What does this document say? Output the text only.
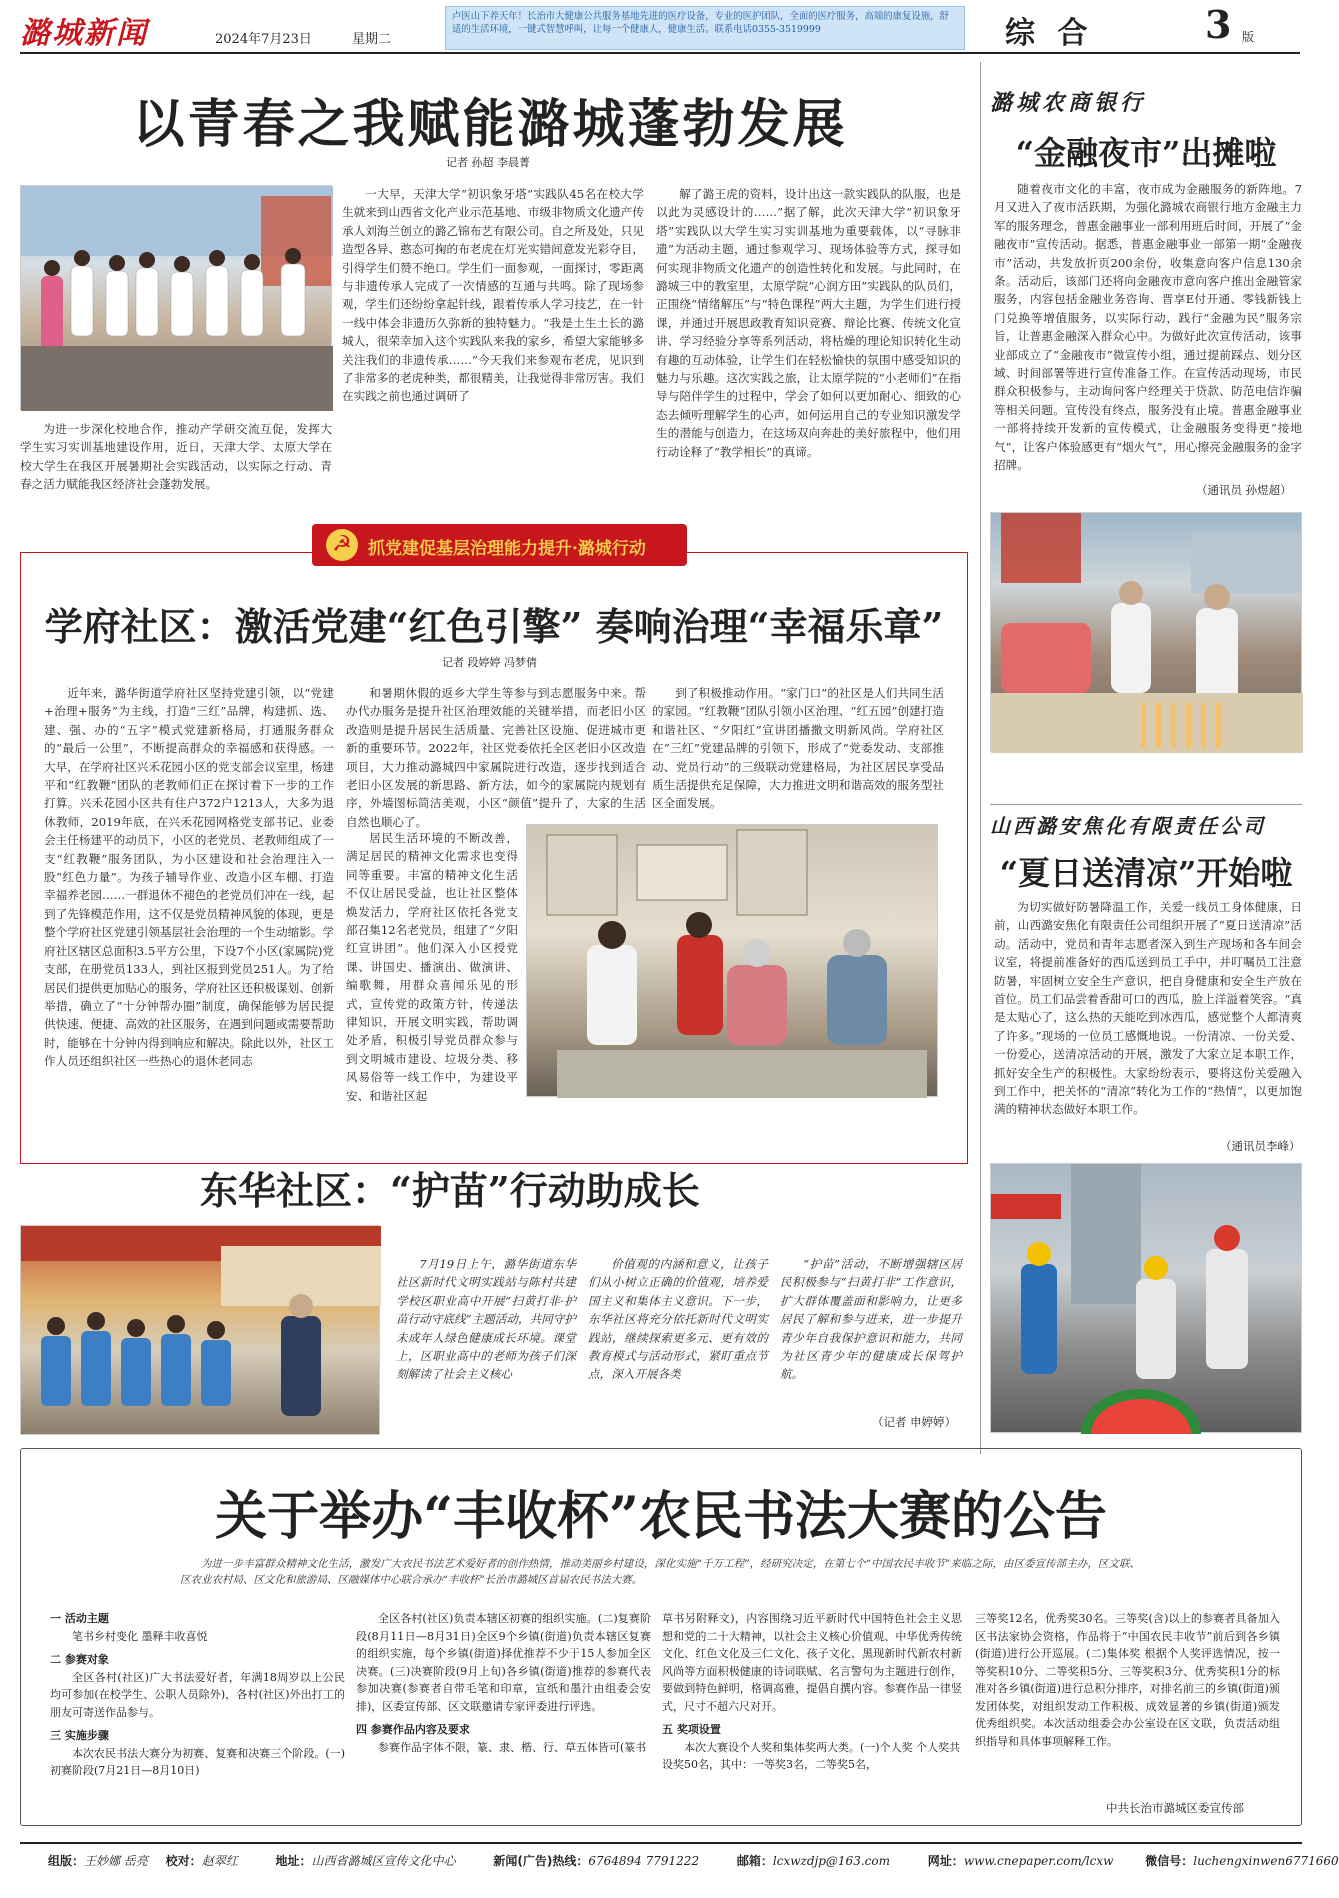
潞城新闻	2024年7月23日	星期二
卢医山下养天年！长治市大健康公共服务基地先进的医疗设备，专业的医护团队，全面的医疗服务，高端的康复设施，舒适的生活环境，一键式智慧呼叫，让每一个健康人，健康生活。联系电话0355-3519999	综 合	3 版
以青春之我赋能潞城蓬勃发展
记者 孙超 李晨菁

为进一步深化校地合作，推动产学研交流互促，发挥大学生实习实训基地建设作用，近日，天津大学、太原大学在校大学生在我区开展暑期社会实践活动，以实际之行动、青春之活力赋能我区经济社会蓬勃发展。

一大早，天津大学“初识象牙塔”实践队45名在校大学生就来到山西省文化产业示范基地、市级非物质文化遗产传承人刘海兰创立的潞乙锦布艺有限公司。自之所及处，只见造型各异、憨态可掬的布老虎在灯光实错间意发光彩夺目，引得学生们赞不绝口。学生们一面参观，一面探讨，零距离与非遗传承人完成了一次情感的互通与共鸣。除了现场参观，学生们还纷纷拿起针线，跟着传承人学习技艺，在一针一线中体会非遗历久弥新的独特魅力。“我是土生土长的潞城人，很荣幸加入这个实践队来我的家乡，希望大家能够多关注我们的非遗传承……”今天我们来参观布老虎，见识到了非常多的老虎种类，都很精美，让我觉得非常厉害。我们在实践之前也通过调研了

解了潞王虎的资料，设计出这一款实践队的队服，也是以此为灵感设计的……”据了解，此次天津大学“初识象牙塔”实践队以大学生实习实训基地为重要载体，以“寻脉非遗”为活动主题，通过参观学习、现场体验等方式，探寻如何实现非物质文化遗产的创造性转化和发展。与此同时，在潞城三中的教室里，太原学院“心润方田”实践队的队员们，正围绕“情绪解压”与“特色课程”两大主题，为学生们进行授课，并通过开展思政教育知识竞赛、辩论比赛、传统文化宣讲、学习经验分享等系列活动，将枯燥的理论知识转化生动有趣的互动体验，让学生们在轻松愉快的氛围中感受知识的魅力与乐趣。这次实践之旅，让太原学院的“小老师们”在指导与陪伴学生的过程中，学会了如何以更加耐心、细致的心态去倾听理解学生的心声，如何运用自己的专业知识激发学生的潜能与创造力，在这场双向奔赴的美好旅程中，他们用行动诠释了“教学相长”的真谛。

潞城农商银行
“金融夜市”出摊啦

随着夜市文化的丰富，夜市成为金融服务的新阵地。7月又进入了夜市活跃期，为强化潞城农商银行地方金融主力军的服务理念，普惠金融事业一部利用班后时间，开展了“金融夜市”宣传活动。据悉，普惠金融事业一部第一期“金融夜市”活动，共发放折页200余份，收集意向客户信息130余条。活动后，该部门还将向金融夜市意向客户推出金融管家服务，内容包括金融业务咨询、晋享E付开通、零钱新钱上门兑换等增值服务，以实际行动，践行“金融为民”服务宗旨，让普惠金融深入群众心中。为做好此次宣传活动，该事业部成立了“金融夜市”微宣传小组，通过提前踩点、划分区域、时间部署等进行宣传准备工作。在宣传活动现场，市民群众积极参与，主动询问客户经理关于贷款、防范电信诈骗等相关问题。宣传没有终点，服务没有止境。普惠金融事业一部将持续开发新的宣传模式，让金融服务变得更“接地气”，让客户体验感更有“烟火气”，用心擦亮金融服务的金字招牌。

（通讯员 孙煜超）
山西潞安焦化有限责任公司
“夏日送清凉”开始啦

为切实做好防暑降温工作，关爱一线员工身体健康，日前，山西潞安焦化有限责任公司组织开展了“夏日送清凉”活动。活动中，党员和青年志愿者深入到生产现场和各车间会议室，将提前准备好的西瓜送到员工手中，并叮嘱员工注意防暑，牢固树立安全生产意识，把自身健康和安全生产放在首位。员工们品尝着香甜可口的西瓜，脸上洋溢着笑容。“真是太贴心了，这么热的天能吃到冰西瓜，感觉整个人都清爽了许多。”现场的一位员工感慨地说。一份清凉、一份关爱、一份爱心，送清凉活动的开展，激发了大家立足本职工作，抓好安全生产的积极性。大家纷纷表示，要将这份关爱融入到工作中，把关怀的“清凉”转化为工作的“热情”，以更加饱满的精神状态做好本职工作。

（通讯员李峰）
☭ 抓党建促基层治理能力提升·潞城行动
学府社区：激活党建“红色引擎” 奏响治理“幸福乐章”
记者 段婷婷 冯梦倩

近年来，潞华街道学府社区坚持党建引领，以“党建+治理+服务”为主线，打造“三红”品牌，构建抓、选、建、强、办的“五字”模式党建新格局，打通服务群众的“最后一公里”，不断提高群众的幸福感和获得感。一大早，在学府社区兴禾花园小区的党支部会议室里，杨建平和“红教鞭”团队的老教师们正在探讨着下一步的工作打算。兴禾花园小区共有住户372户1213人，大多为退休教师，2019年底，在兴禾花园网格党支部书记、业委会主任杨建平的动员下，小区的老党员、老教师组成了一支“红教鞭”服务团队，为小区建设和社会治理注入一股“红色力量”。为孩子辅导作业、改造小区车棚、打造幸福养老园……一群退休不褪色的老党员们冲在一线，起到了先锋模范作用，这不仅是党员精神风貌的体现，更是整个学府社区党建引领基层社会治理的一个生动缩影。学府社区辖区总面积3.5平方公里，下设7个小区(家属院)党支部，在册党员133人，到社区报到党员251人。为了给居民们提供更加贴心的服务，学府社区还积极谋划、创新举措，确立了“十分钟帮办圈”制度，确保能够为居民提供快速、便捷、高效的社区服务，在遇到问题或需要帮助时，能够在十分钟内得到响应和解决。除此以外，社区工作人员还组织社区一些热心的退休老同志

和暑期休假的返乡大学生等参与到志愿服务中来。帮办代办服务是提升社区治理效能的关键举措，而老旧小区改造则是提升居民生活质量、完善社区设施、促进城市更新的重要环节。2022年，社区党委依托全区老旧小区改造项目，大力推动潞城四中家属院进行改造，逐步找到适合老旧小区发展的新思路、新方法，如今的家属院内规划有序，外墙图标简洁美观，小区“颜值”提升了，大家的生活自然也顺心了。

居民生活环境的不断改善，满足居民的精神文化需求也变得同等重要。丰富的精神文化生活不仅让居民受益，也让社区整体焕发活力，学府社区依托各党支部召集12名老党员，组建了“夕阳红宣讲团”。他们深入小区授党课、讲国史、播演出、做演讲、编歌舞，用群众喜闻乐见的形式，宣传党的政策方针，传递法律知识，开展文明实践，帮助调处矛盾，积极引导党员群众参与到文明城市建设、垃圾分类、移风易俗等一线工作中，为建设平安、和谐社区起

到了积极推动作用。“家门口”的社区是人们共同生活的家园。“红教鞭”团队引领小区治理、“红五园”创建打造和谐社区、“夕阳红”宣讲团播撒文明新风尚。学府社区在“三红”党建品牌的引领下，形成了“党委发动、支部推动、党员行动”的三级联动党建格局，为社区居民享受品质生活提供充足保障，大力推进文明和谐高效的服务型社区全面发展。

东华社区：“护苗”行动助成长

7月19日上午，潞华街道东华社区新时代文明实践站与陈村共建学校区职业高中开展“扫黄打非·护苗行动守底线”主题活动，共同守护未成年人绿色健康成长环境。课堂上，区职业高中的老师为孩子们深刻解读了社会主义核心

价值观的内涵和意义，让孩子们从小树立正确的价值观，培养爱国主义和集体主义意识。下一步，东华社区将充分依托新时代文明实践站，继续探索更多元、更有效的教育模式与活动形式，紧盯重点节点，深入开展各类

“护苗”活动，不断增强辖区居民积极参与“扫黄打非”工作意识，扩大群体覆盖面和影响力，让更多居民了解和参与进来，进一步提升青少年自我保护意识和能力，共同为社区青少年的健康成长保驾护航。

（记者 申婷婷）
关于举办“丰收杯”农民书法大赛的公告
为进一步丰富群众精神文化生活，激发广大农民书法艺术爱好者的创作热情，推动美丽乡村建设，深化实施“千万工程”，经研究决定，在第七个“中国农民丰收节”来临之际，由区委宣传部主办，区文联、区农业农村局、区文化和旅游局、区融媒体中心联合承办“丰收杯”长治市潞城区首届农民书法大赛。
一 活动主题
笔书乡村变化 墨释丰收喜悦
二 参赛对象
全区各村(社区)广大书法爱好者，年满18周岁以上公民均可参加(在校学生、公职人员除外)，各村(社区)外出打工的朋友可寄送作品参与。
三 实施步骤
本次农民书法大赛分为初赛、复赛和决赛三个阶段。(一)初赛阶段(7月21日—8月10日)
全区各村(社区)负责本辖区初赛的组织实施。(二)复赛阶段(8月11日—8月31日)全区9个乡镇(街道)负责本辖区复赛的组织实施，每个乡镇(街道)择优推荐不少于15人参加全区决赛。(三)决赛阶段(9月上旬)各乡镇(街道)推荐的参赛代表参加决赛(参赛者自带毛笔和印章，宣纸和墨汁由组委会安排)，区委宣传部、区文联邀请专家评委进行评选。
四 参赛作品内容及要求
参赛作品字体不限，篆、隶、楷、行、草五体皆可(篆书
草书另附释文)，内容围绕习近平新时代中国特色社会主义思想和党的二十大精神，以社会主义核心价值观、中华优秀传统文化、红色文化及三仁文化、孩子文化、黑现新时代新农村新风尚等方面积极健康的诗词联赋、名言警句为主题进行创作，要做到特色鲜明，格调高雅，提倡自撰内容。参赛作品一律竖式，尺寸不超六尺对开。
五 奖项设置
本次大赛设个人奖和集体奖两大类。(一)个人奖 个人奖共设奖50名，其中：一等奖3名，二等奖5名，
三等奖12名，优秀奖30名。三等奖(含)以上的参赛者具备加入区书法家协会资格，作品将于“中国农民丰收节”前后到各乡镇(街道)进行公开巡展。(二)集体奖 根据个人奖评选情况，按一等奖积10分、二等奖积5分、三等奖积3分、优秀奖积1分的标准对各乡镇(街道)进行总积分排序，对排名前三的乡镇(街道)颁发团体奖，对组织发动工作积极、成效显著的乡镇(街道)颁发优秀组织奖。本次活动组委会办公室设在区文联，负责活动组织指导和具体事项解释工作。
中共长治市潞城区委宣传部
组版：王妙娜 岳亮 校对：赵翠红	地址：山西省潞城区宣传文化中心	新闻(广告)热线：6764894 7791222	邮箱：lcxwzdjp@163.com	网址：www.cnepaper.com/lcxw	微信号：luchengxinwen6771660
